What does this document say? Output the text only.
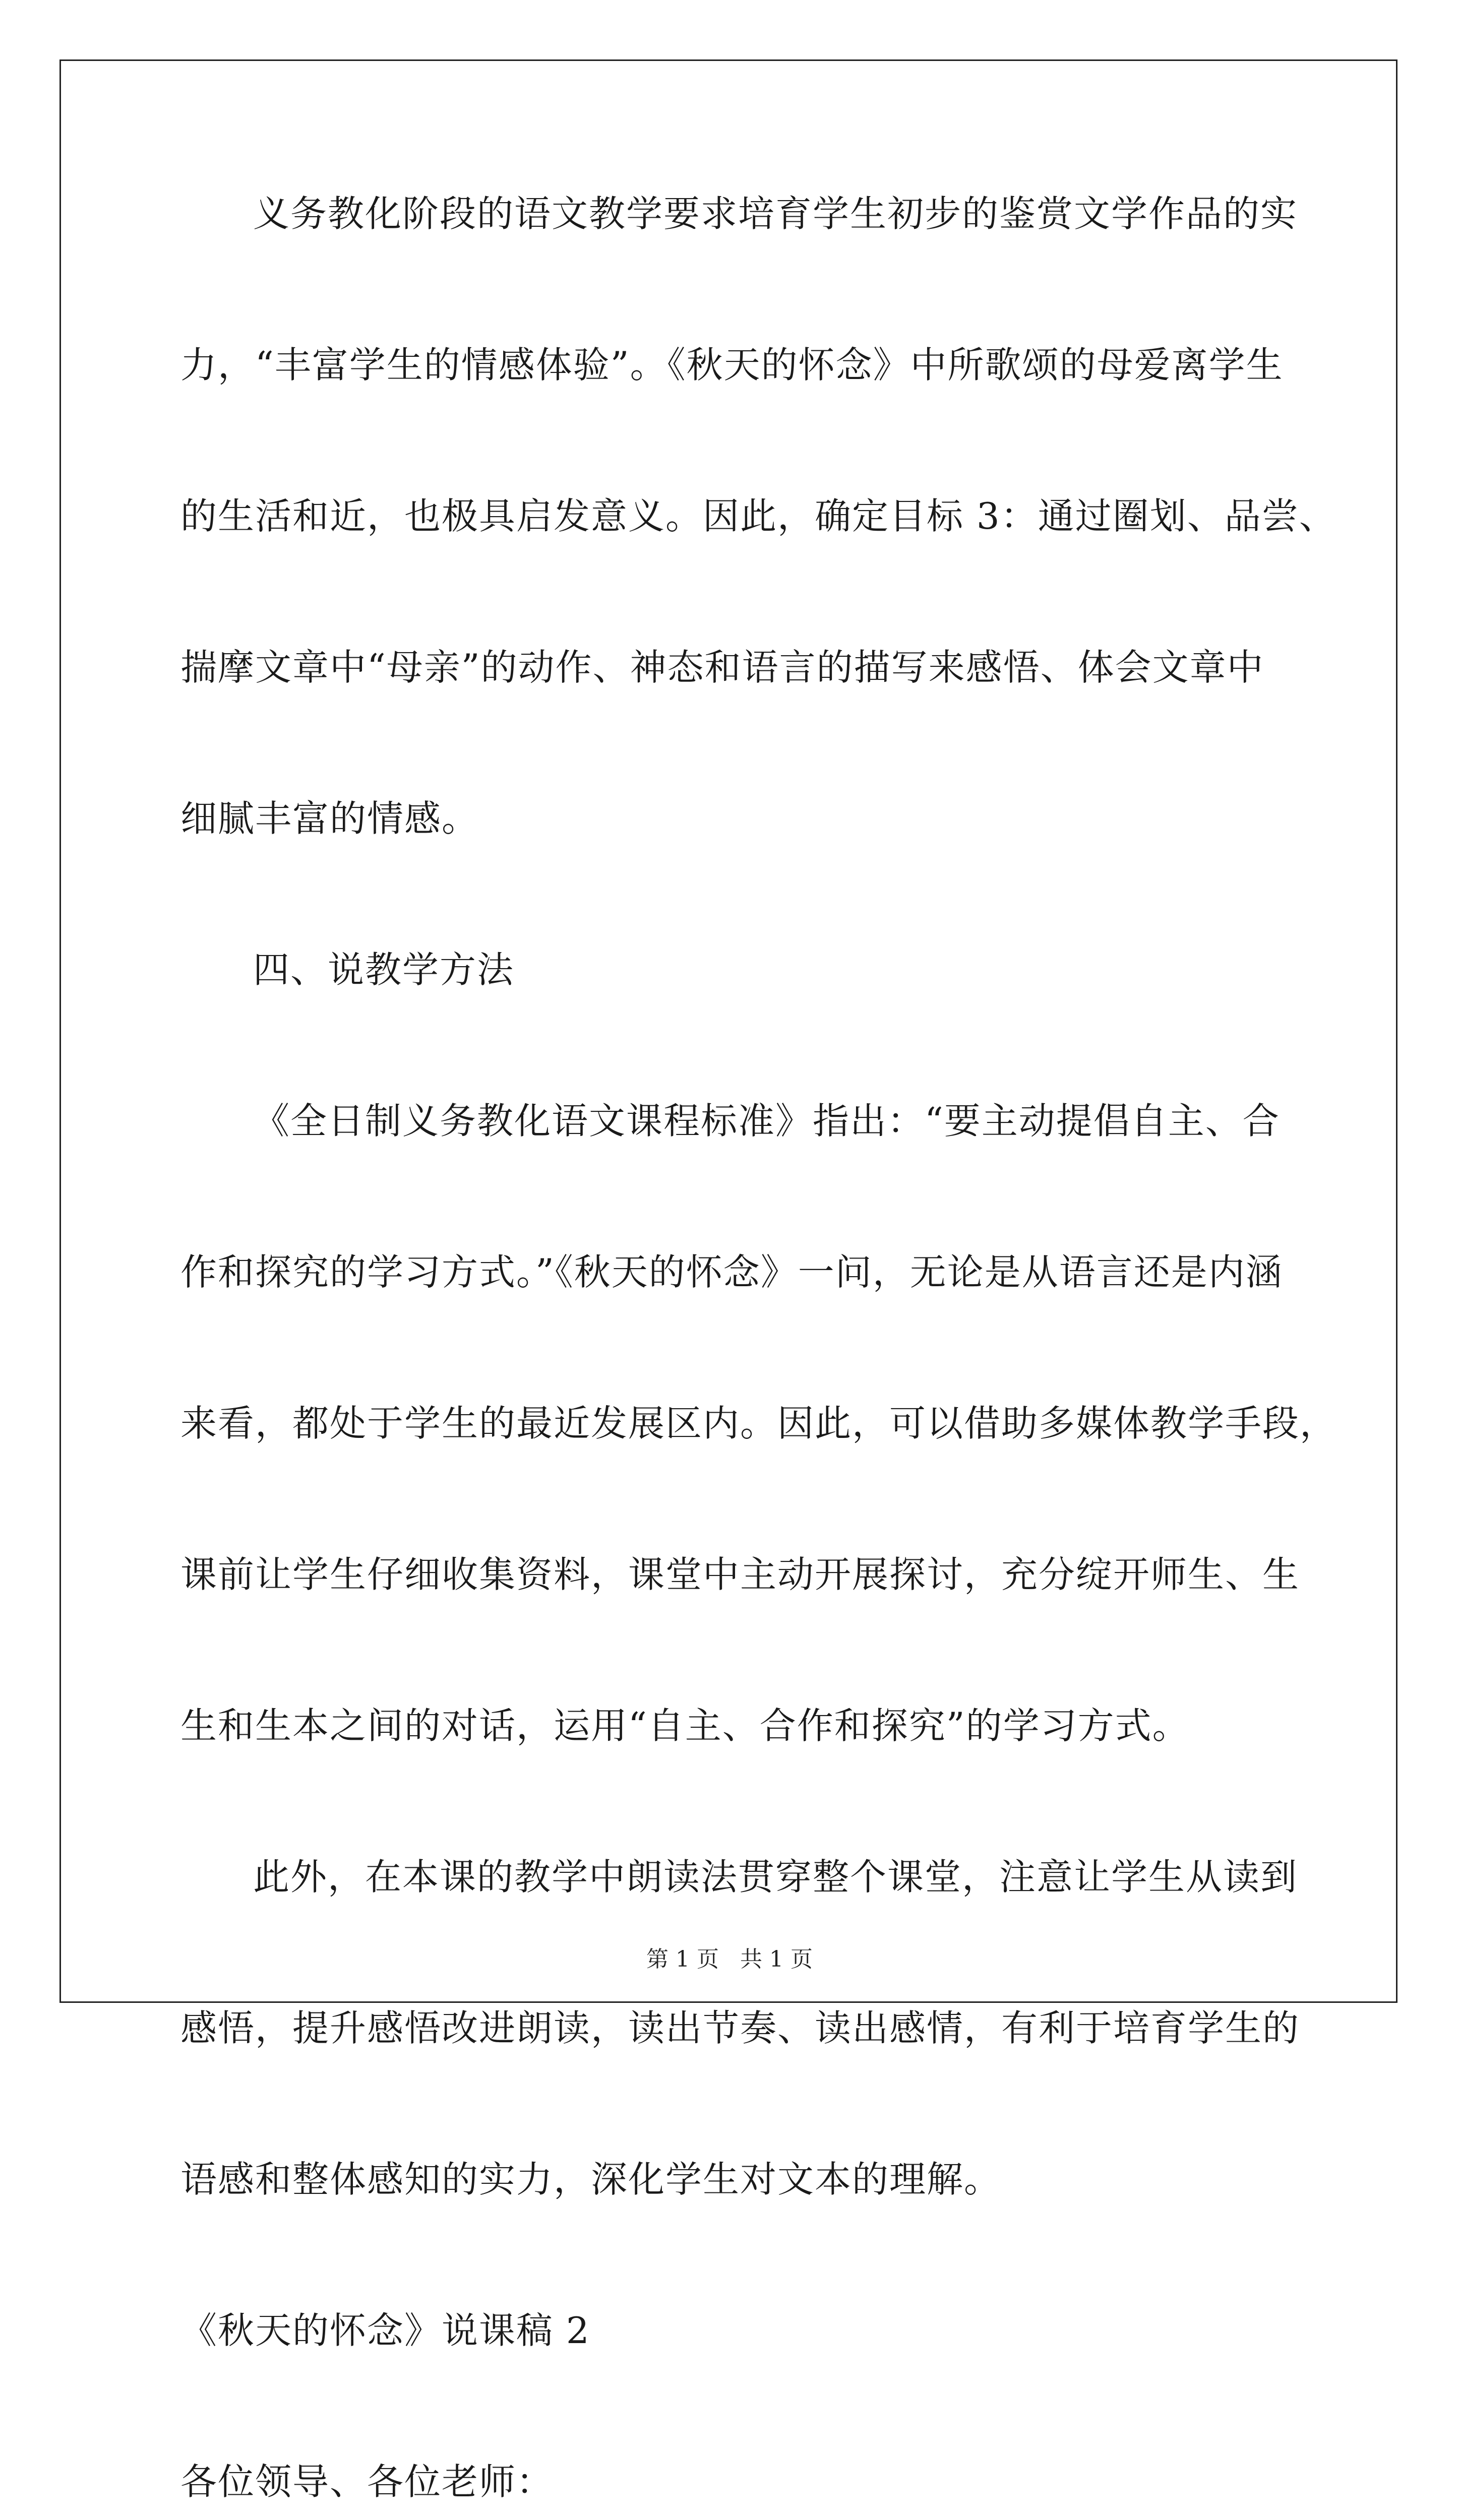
义务教化阶段的语文教学要求培育学生初步的鉴赏文学作品的实
力，“丰富学生的情感体验”。《秋天的怀念》中所歌颂的母爱离学生
的生活和近，也极具启发意义。因此，确定目标 3：通过圈划、品尝、
揣摩文章中“母亲”的动作、神态和语言的描写来感悟、体会文章中
细腻丰富的情感。
四、说教学方法
《全日制义务教化语文课程标准》指出：“要主动提倡自主、合
作和探究的学习方式。”《秋天的怀念》一问，无论是从语言还是内涵
来看，都处于学生的最近发展区内。因此，可以借助多媒体教学手段，
课前让学生仔细收集资料，课堂中主动开展探讨，充分绽开师生、生
生和生本之间的对话，运用“自主、合作和探究”的学习方式。
此外，在本课的教学中朗读法贯穿整个课堂，注意让学生从读到
感悟，提升感悟改进朗读，读出节奏、读出感情，有利于培育学生的
语感和整体感知的实力，深化学生对文本的理解。
《秋天的怀念》说课稿 2
各位领导、各位老师：
第 1 页   共 1 页
